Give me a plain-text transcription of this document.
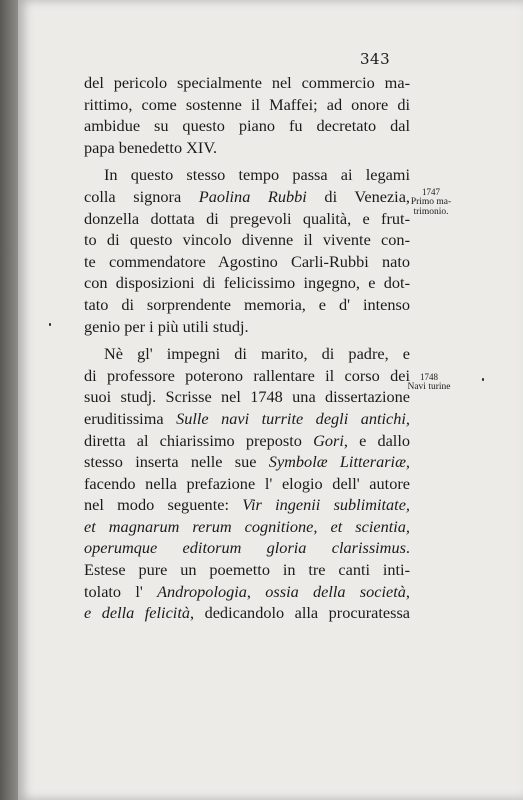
343
del pericolo specialmente nel commercio ma-
rittimo, come sostenne il Maffei; ad onore di
ambidue su questo piano fu decretato dal
papa benedetto XIV.
In questo stesso tempo passa ai legami
colla signora Paolina Rubbi di Venezia,
donzella dottata di pregevoli qualità, e frut-
to di questo vincolo divenne il vivente con-
te commendatore Agostino Carli-Rubbi nato
con disposizioni di felicissimo ingegno, e dot-
tato di sorprendente memoria, e d' intenso
genio per i più utili studj.
Nè gl' impegni di marito, di padre, e
di professore poterono rallentare il corso dei
suoi studj. Scrisse nel 1748 una dissertazione
eruditissima Sulle navi turrite degli antichi,
diretta al chiarissimo preposto Gori, e dallo
stesso inserta nelle sue Symbolæ Litterariæ,
facendo nella prefazione l' elogio dell' autore
nel modo seguente: Vir ingenii sublimitate,
et magnarum rerum cognitione, et scientia,
operumque editorum gloria clarissimus.
Estese pure un poemetto in tre canti inti-
tolato l' Andropologia, ossia della società,
e della felicità, dedicandolo alla procuratessa
1747
Primo ma-
trimonio.
1748
Navi turine
